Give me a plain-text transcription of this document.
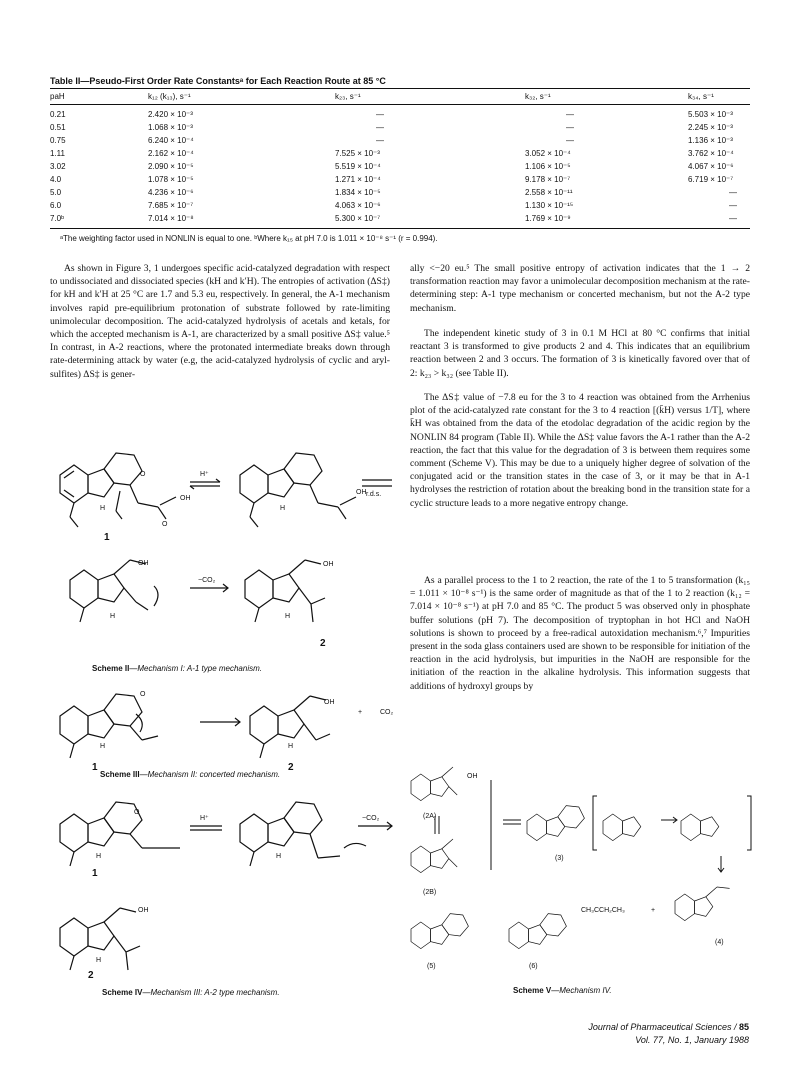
Table II—Pseudo-First Order Rate Constantsᵃ for Each Reaction Route at 85 °C
paH	k₁₂ (k₁₃), s⁻¹	k₂₃, s⁻¹	k₃₂, s⁻¹	k₃₄, s⁻¹
0.21	2.420 × 10⁻³	—	—	5.503 × 10⁻³
0.51	1.068 × 10⁻³	—	—	2.245 × 10⁻³
0.75	6.240 × 10⁻⁴	—	—	1.136 × 10⁻³
1.11	2.162 × 10⁻⁴	7.525 × 10⁻³	3.052 × 10⁻⁴	3.762 × 10⁻⁴
3.02	2.090 × 10⁻⁵	5.519 × 10⁻⁴	1.106 × 10⁻⁵	4.067 × 10⁻⁶
4.0	1.078 × 10⁻⁵	1.271 × 10⁻⁴	9.178 × 10⁻⁷	6.719 × 10⁻⁷
5.0	4.236 × 10⁻⁶	1.834 × 10⁻⁵	2.558 × 10⁻¹¹	—
6.0	7.685 × 10⁻⁷	4.063 × 10⁻⁶	1.130 × 10⁻¹⁵	—
7.0ᵇ	7.014 × 10⁻⁸	5.300 × 10⁻⁷	1.769 × 10⁻⁹	—
ᵃThe weighting factor used in NONLIN is equal to one. ᵇWhere k₁₅ at pH 7.0 is 1.011 × 10⁻⁸ s⁻¹ (r = 0.994).

As shown in Figure 3, 1 undergoes specific acid-catalyzed degradation with respect to undissociated and dissociated species (kH and k′H). The entropies of activation (ΔS‡) for kH and k′H at 25 °C are 1.7 and 5.3 eu, respectively. In general, the A-1 mechanism involves rapid pre-equilibrium protonation of substrate followed by rate-limiting unimolecular decomposition. The acid-catalyzed hydrolysis of acetals and ketals, for which the accepted mechanism is A-1, are characterized by a small positive ΔS‡ value.⁵ In contrast, in A-2 reactions, where the protonated intermediate breaks down through rate-determining attack by water (e.g, the acid-catalyzed hydrolysis of cyclic and aryl-sulfites) ΔS‡ is gener-

ally <−20 eu.⁵ The small positive entropy of activation indicates that the 1 → 2 transformation reaction may favor a unimolecular decomposition mechanism at the rate-determining step: A-1 type mechanism or concerted mechanism, but not the A-2 type mechanism.

The independent kinetic study of 3 in 0.1 M HCl at 80 °C confirms that initial reactant 3 is transformed to give products 2 and 4. This indicates that an equilibrium reaction between 2 and 3 occurs. The formation of 3 is kinetically favored over that of 2: k₂₃ > k₃₂ (see Table II).

The ΔS‡ value of −7.8 eu for the 3 to 4 reaction was obtained from the Arrhenius plot of the acid-catalyzed rate constant for the 3 to 4 reaction [(k̄H) versus 1/T], where k̄H was obtained from the data of the etodolac degradation of the acidic region by the NONLIN 84 program (Table II). While the ΔS‡ value favors the A-1 rather than the A-2 reaction, the fact that this value for the degradation of 3 is between them requires some comment (Scheme V). This may be due to a uniquely higher degree of solvation of the conjugated acid or the transition states in the case of 3, or it may be that in A-1 hydrolyses the restriction of rotation about the breaking bond in the transition state for a cyclic structure leads to a more negative entropy change.

As a parallel process to the 1 to 2 reaction, the rate of the 1 to 5 transformation (k₁₅ = 1.011 × 10⁻⁸ s⁻¹) is the same order of magnitude as that of the 1 to 2 reaction (k₁₂ = 7.014 × 10⁻⁸ s⁻¹) at pH 7.0 and 85 °C. The product 5 was observed only in phosphate buffer solutions (pH 7). The decomposition of tryptophan in hot HCl and NaOH solutions is shown to proceed by a free-radical autoxidation mechanism.⁶,⁷ Impurities present in the soda glass containers used are shown to be responsible for initiation of the reaction in the acid hydrolysis, but impurities in the NaOH are responsible for the initiation of the reaction in the alkaline hydrolysis. This information suggests that additions of hydroxyl groups by

1
2
H⁺
r.d.s.
−CO₂
OH
OH
OH	OH
O
O
H	H
H	H
Scheme II—Mechanism I: A-1 type mechanism.
1	2
CO₂
+
OH
H	H
O
Scheme III—Mechanism II: concerted mechanism.
1
2
H⁺	−CO₂
OH
O
H	H
H
Scheme IV—Mechanism III: A-2 type mechanism.
(2A)
(2B)
(3)
(4)
(5)	(6)
CH₃CCH₂CH₃	+
OH
Scheme V—Mechanism IV.
Journal of Pharmaceutical Sciences / 85
Vol. 77, No. 1, January 1988
